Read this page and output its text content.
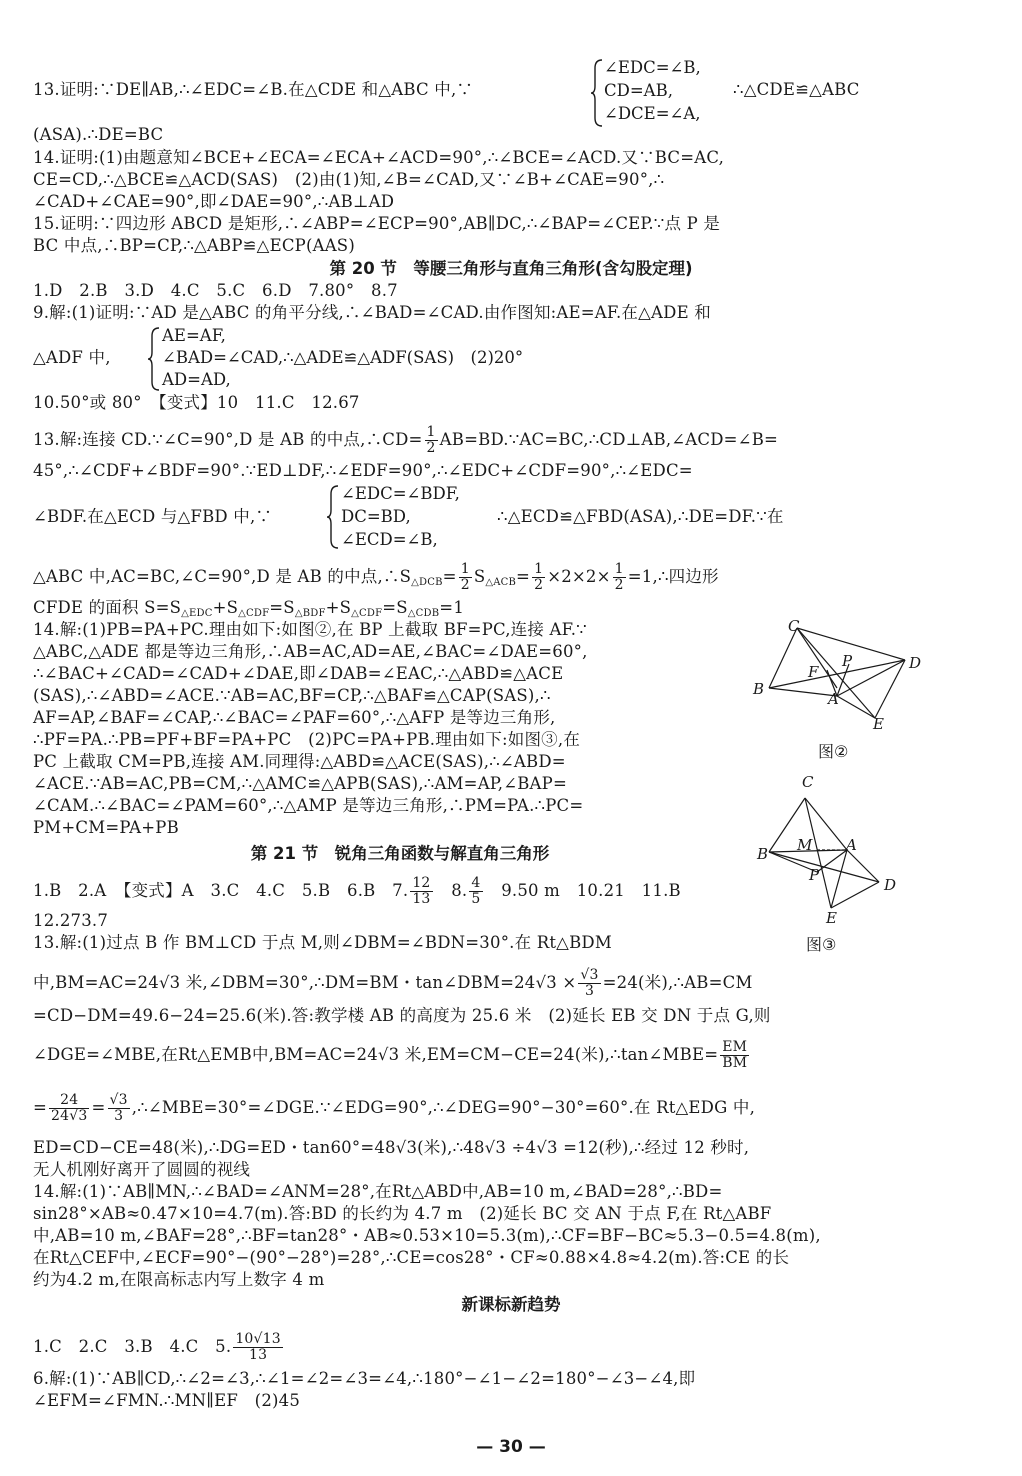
13.证明:∵DE∥AB,∴∠EDC=∠B.在△CDE 和△ABC 中,∵
∠EDC=∠B,
CD=AB,
∠DCE=∠A,
∴△CDE≌△ABC
(ASA).∴DE=BC
14.证明:(1)由题意知∠BCE+∠ECA=∠ECA+∠ACD=90°,∴∠BCE=∠ACD.又∵BC=AC,
CE=CD,∴△BCE≌△ACD(SAS)　(2)由(1)知,∠B=∠CAD,又∵∠B+∠CAE=90°,∴
∠CAD+∠CAE=90°,即∠DAE=90°,∴AB⊥AD
15.证明:∵四边形 ABCD 是矩形,∴∠ABP=∠ECP=90°,AB∥DC,∴∠BAP=∠CEP.∵点 P 是
BC 中点,∴BP=CP,∴△ABP≌△ECP(AAS)
第 20 节　等腰三角形与直角三角形(含勾股定理)
1.D　2.B　3.D　4.C　5.C　6.D　7.80°　8.7
9.解:(1)证明:∵AD 是△ABC 的角平分线,∴∠BAD=∠CAD.由作图知:AE=AF.在△ADE 和
△ADF 中,
AE=AF,
∠BAD=∠CAD,∴△ADE≌△ADF(SAS)　(2)20°
AD=AD,
10.50°或 80°　【变式】10　11.C　12.67
13.解:连接 CD.∵∠C=90°,D 是 AB 的中点,∴CD= $\frac{1}{2}$ AB=BD.∵AC=BC,∴CD⊥AB,∠ACD=∠B=
45°,∴∠CDF+∠BDF=90°.∵ED⊥DF,∴∠EDF=90°,∴∠EDC+∠CDF=90°,∴∠EDC=
∠BDF.在△ECD 与△FBD 中,∵
∠EDC=∠BDF,
DC=BD,
∠ECD=∠B,
∴△ECD≌△FBD(ASA),∴DE=DF.∵在
△ABC 中,AC=BC,∠C=90°,D 是 AB 的中点$,\therefore S_{\triangle DCB}= \frac{1}{2} S_{\triangle ACB}= \frac{1}{2} \times 2\times 2\times \frac{1}{2}$ =1,∴四边形
CFDE 的面积 $S=S_{\triangle EDC}+S_{\triangle CDF}=S_{\triangle BDF}+S_{\triangle CDF}=S_{\triangle CDB}=1$
14.解:(1)PB=PA+PC.理由如下:如图②,在 BP 上截取 BF=PC,连接 AF.∵
△ABC,△ADE 都是等边三角形,∴AB=AC,AD=AE,∠BAC=∠DAE=60°,
∴∠BAC+∠CAD=∠CAD+∠DAE,即∠DAB=∠EAC,∴△ABD≌△ACE
(SAS),∴∠ABD=∠ACE.∵AB=AC,BF=CP,∴△BAF≌△CAP(SAS),∴
AF=AP,∠BAF=∠CAP,∴∠BAC=∠PAF=60°,∴△AFP 是等边三角形,
∴PF=PA.∴PB=PF+BF=PA+PC　(2)PC=PA+PB.理由如下:如图③,在
PC 上截取 CM=PB,连接 AM.同理得:△ABD≌△ACE(SAS),∴∠ABD=
∠ACE.∵AB=AC,PB=CM,∴△AMC≌△APB(SAS),∴AM=AP,∠BAP=
∠CAM.∴∠BAC=∠PAM=60°,∴△AMP 是等边三角形,∴PM=PA.∴PC=
PM+CM=PA+PB
C
F
P	D
B
A
E
图②
C
B M A
P
D
E
图③
第 21 节　锐角三角函数与解直角三角形
1.B　2.A　【变式】A　3.C　4.C　5.B　6.B　7. $\frac{12}{13}$
　 8. $\frac{4}{5}$
　 9.50 m　10.21　11.B
12.273.7
13.解:(1)过点 B 作 BM⊥CD 于点 M,则∠DBM=∠BDN=30°.在 Rt△BDM
中,BM=AC=24√3 米,∠DBM=30°,∴DM=BM・tan∠DBM=24√3 × $\frac{√3}{3} =24$(米),∴AB=CM
=CD−DM=49.6−24=25.6(米).答:教学楼 AB 的高度为 25.6 米　(2)延长 EB 交 DN 于点 G,则
∠DGE=∠MBE,在Rt△EMB中,BM=AC=24√3 米,EM=CM−CE=24(米),∴tan∠MBE= $\frac{EM}{BM}$
= $\frac{24}{24√3} = \frac{√3}{3}$ ,∴∠MBE=30°=∠DGE.∵∠EDG=90°,∴∠DEG=90°−30°=60°.在 Rt△EDG 中,
ED=CD−CE=48(米),∴DG=ED・tan60°=48√3(米),∴48√3 ÷4√3 =12(秒),∴经过 12 秒时,
无人机刚好离开了圆圆的视线
14.解:(1)∵AB∥MN,∴∠BAD=∠ANM=28°,在Rt△ABD中,AB=10 m,∠BAD=28°,∴BD=
sin28°×AB≈0.47×10=4.7(m).答:BD 的长约为 4.7 m　(2)延长 BC 交 AN 于点 F,在 Rt△ABF
中,AB=10 m,∠BAF=28°,∴BF=tan28°・AB≈0.53×10=5.3(m),∴CF=BF−BC≈5.3−0.5=4.8(m),
在Rt△CEF中,∠ECF=90°−(90°−28°)=28°,∴CE=cos28°・CF≈0.88×4.8≈4.2(m).答:CE 的长
约为4.2 m,在限高标志内写上数字 4 m
新课标新趋势
1.C　2.C　3.B　4.C　5. $\frac{10√13}{13}$
6.解:(1)∵AB∥CD,∴∠2=∠3,∴∠1=∠2=∠3=∠4,∴180°−∠1−∠2=180°−∠3−∠4,即
∠EFM=∠FMN.∴MN∥EF　(2)45
— 30 —
